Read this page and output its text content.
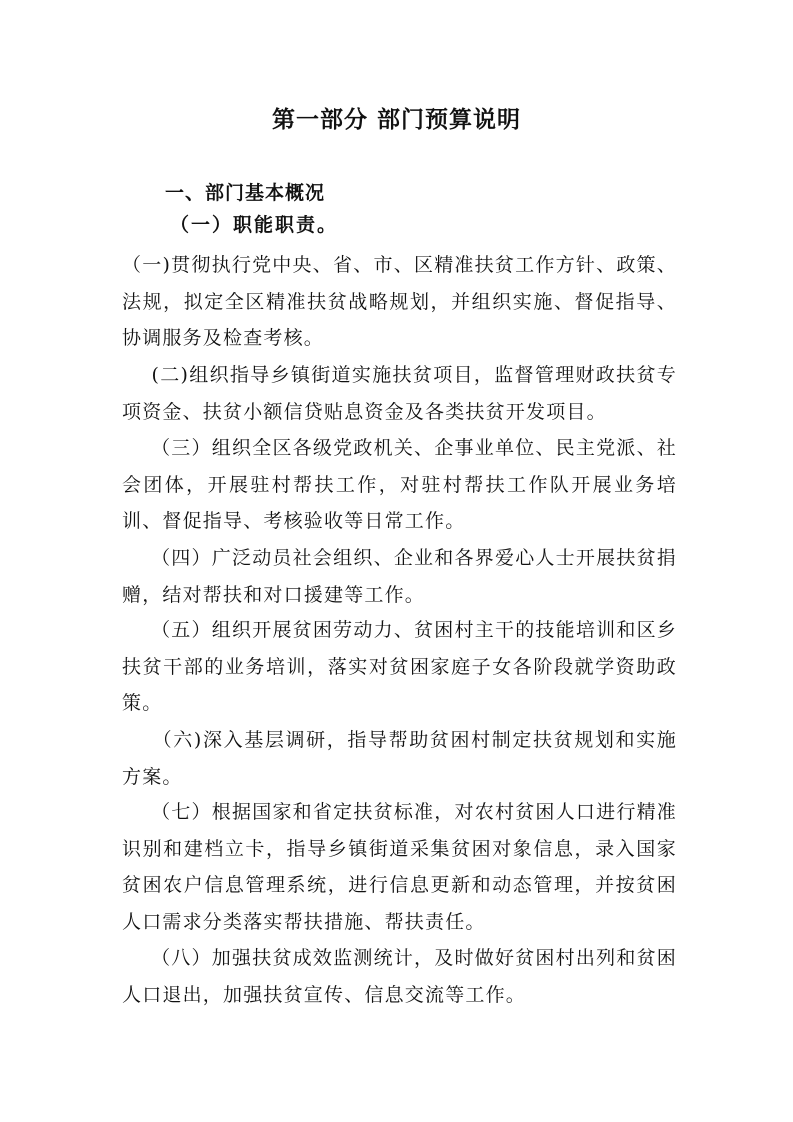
第一部分 部门预算说明
一、部门基本概况
（一）职能职责。

（一)贯彻执行党中央、省、市、区精准扶贫工作方针、政策、法规，拟定全区精准扶贫战略规划，并组织实施、督促指导、协调服务及检查考核。

(二)组织指导乡镇街道实施扶贫项目，监督管理财政扶贫专项资金、扶贫小额信贷贴息资金及各类扶贫开发项目。

（三）组织全区各级党政机关、企事业单位、民主党派、社会团体，开展驻村帮扶工作，对驻村帮扶工作队开展业务培训、督促指导、考核验收等日常工作。

（四）广泛动员社会组织、企业和各界爱心人士开展扶贫捐赠，结对帮扶和对口援建等工作。

（五）组织开展贫困劳动力、贫困村主干的技能培训和区乡扶贫干部的业务培训，落实对贫困家庭子女各阶段就学资助政策。

（六)深入基层调研，指导帮助贫困村制定扶贫规划和实施方案。

（七）根据国家和省定扶贫标准，对农村贫困人口进行精准识别和建档立卡，指导乡镇街道采集贫困对象信息，录入国家贫困农户信息管理系统，进行信息更新和动态管理，并按贫困人口需求分类落实帮扶措施、帮扶责任。

（八）加强扶贫成效监测统计，及时做好贫困村出列和贫困人口退出，加强扶贫宣传、信息交流等工作。
